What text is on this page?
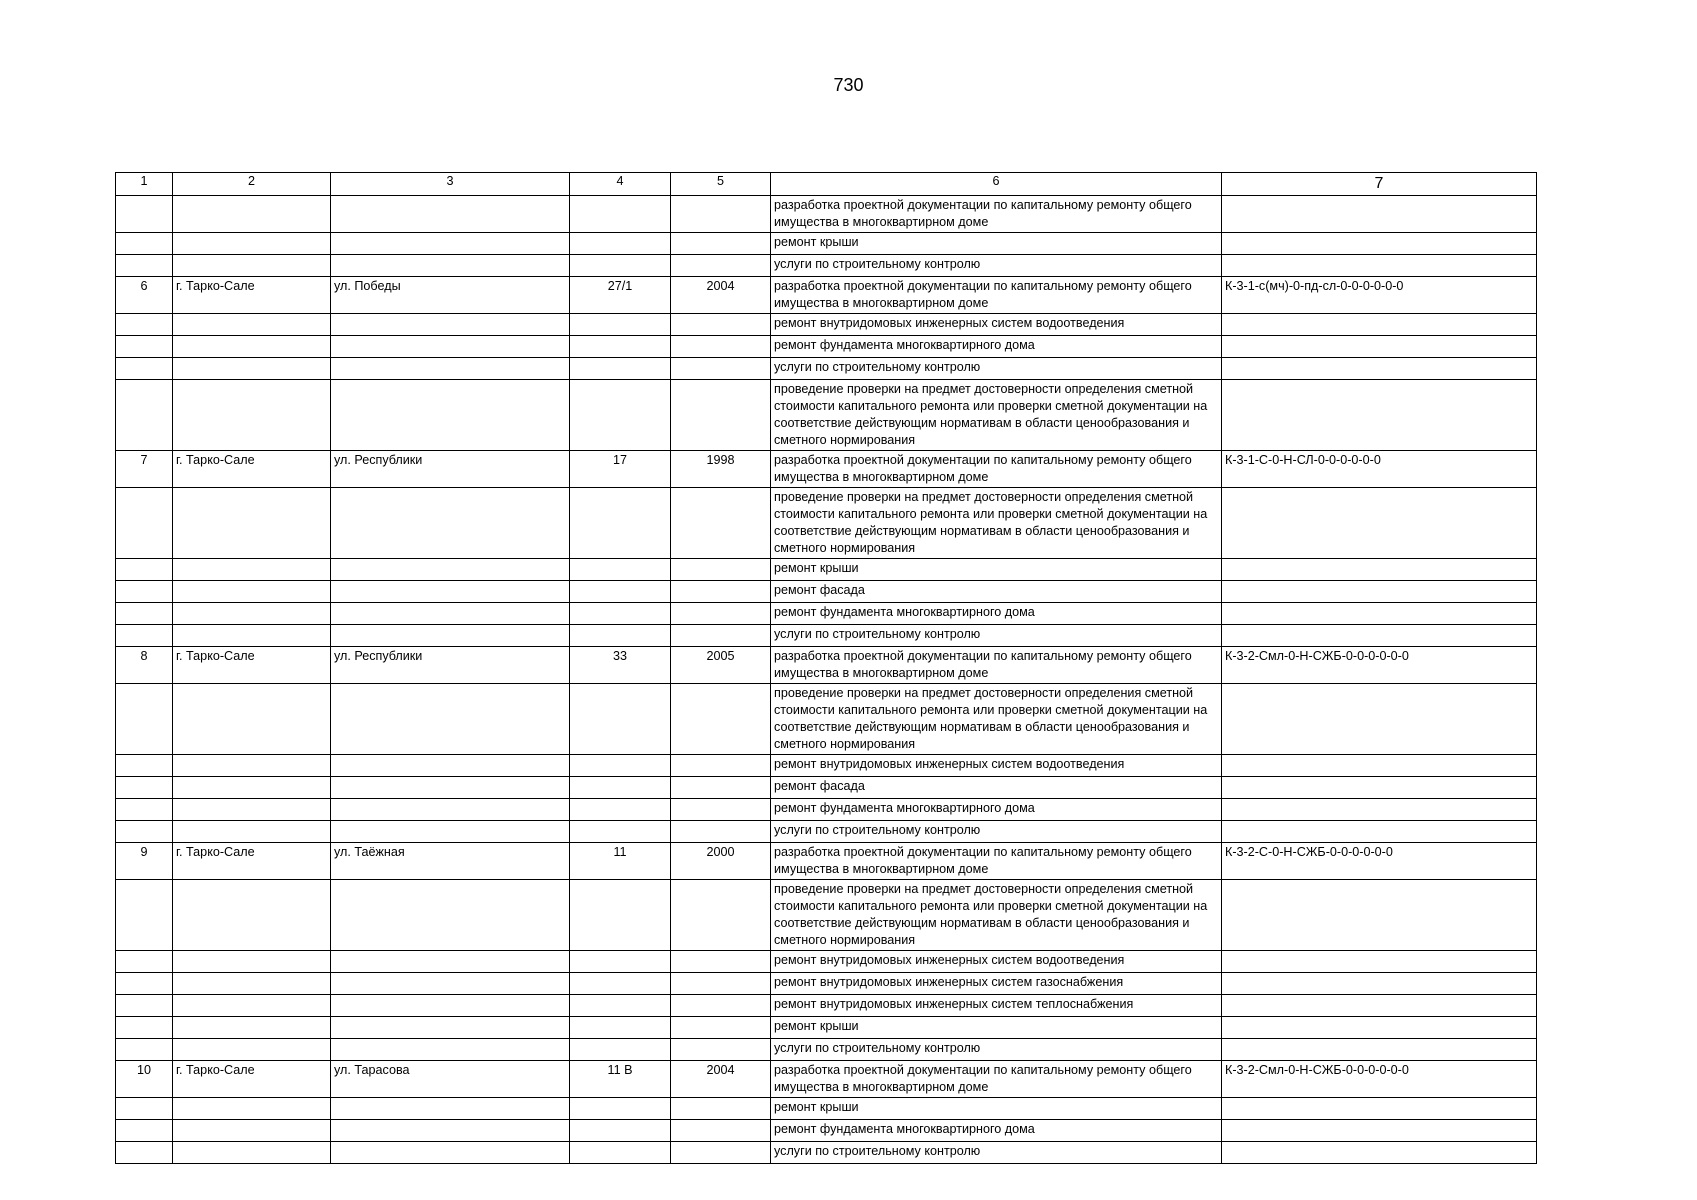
730
1	2	3	4	5	6	7
					разработка проектной документации по капитальному ремонту общего имущества в многоквартирном доме	
					ремонт крыши	
					услуги по строительному контролю	
6	г. Тарко-Сале	ул. Победы	27/1	2004	разработка проектной документации по капитальному ремонту общего имущества в многоквартирном доме	К-3-1-с(мч)-0-пд-сл-0-0-0-0-0-0
					ремонт внутридомовых инженерных систем водоотведения	
					ремонт фундамента многоквартирного дома	
					услуги по строительному контролю	
					проведение проверки на предмет достоверности определения сметной стоимости капитального ремонта или проверки сметной документации на соответствие действующим нормативам в области ценообразования и сметного нормирования	
7	г. Тарко-Сале	ул. Республики	17	1998	разработка проектной документации по капитальному ремонту общего имущества в многоквартирном доме	К-3-1-С-0-Н-СЛ-0-0-0-0-0-0
					проведение проверки на предмет достоверности определения сметной стоимости капитального ремонта или проверки сметной документации на соответствие действующим нормативам в области ценообразования и сметного нормирования	
					ремонт крыши	
					ремонт фасада	
					ремонт фундамента многоквартирного дома	
					услуги по строительному контролю	
8	г. Тарко-Сале	ул. Республики	33	2005	разработка проектной документации по капитальному ремонту общего имущества в многоквартирном доме	К-3-2-Смл-0-Н-СЖБ-0-0-0-0-0-0
					проведение проверки на предмет достоверности определения сметной стоимости капитального ремонта или проверки сметной документации на соответствие действующим нормативам в области ценообразования и сметного нормирования	
					ремонт внутридомовых инженерных систем водоотведения	
					ремонт фасада	
					ремонт фундамента многоквартирного дома	
					услуги по строительному контролю	
9	г. Тарко-Сале	ул. Таёжная	11	2000	разработка проектной документации по капитальному ремонту общего имущества в многоквартирном доме	К-3-2-С-0-Н-СЖБ-0-0-0-0-0-0
					проведение проверки на предмет достоверности определения сметной стоимости капитального ремонта или проверки сметной документации на соответствие действующим нормативам в области ценообразования и сметного нормирования	
					ремонт внутридомовых инженерных систем водоотведения	
					ремонт внутридомовых инженерных систем газоснабжения	
					ремонт внутридомовых инженерных систем теплоснабжения	
					ремонт крыши	
					услуги по строительному контролю	
10	г. Тарко-Сале	ул. Тарасова	11 В	2004	разработка проектной документации по капитальному ремонту общего имущества в многоквартирном доме	К-3-2-Смл-0-Н-СЖБ-0-0-0-0-0-0
					ремонт крыши	
					ремонт фундамента многоквартирного дома	
					услуги по строительному контролю	
